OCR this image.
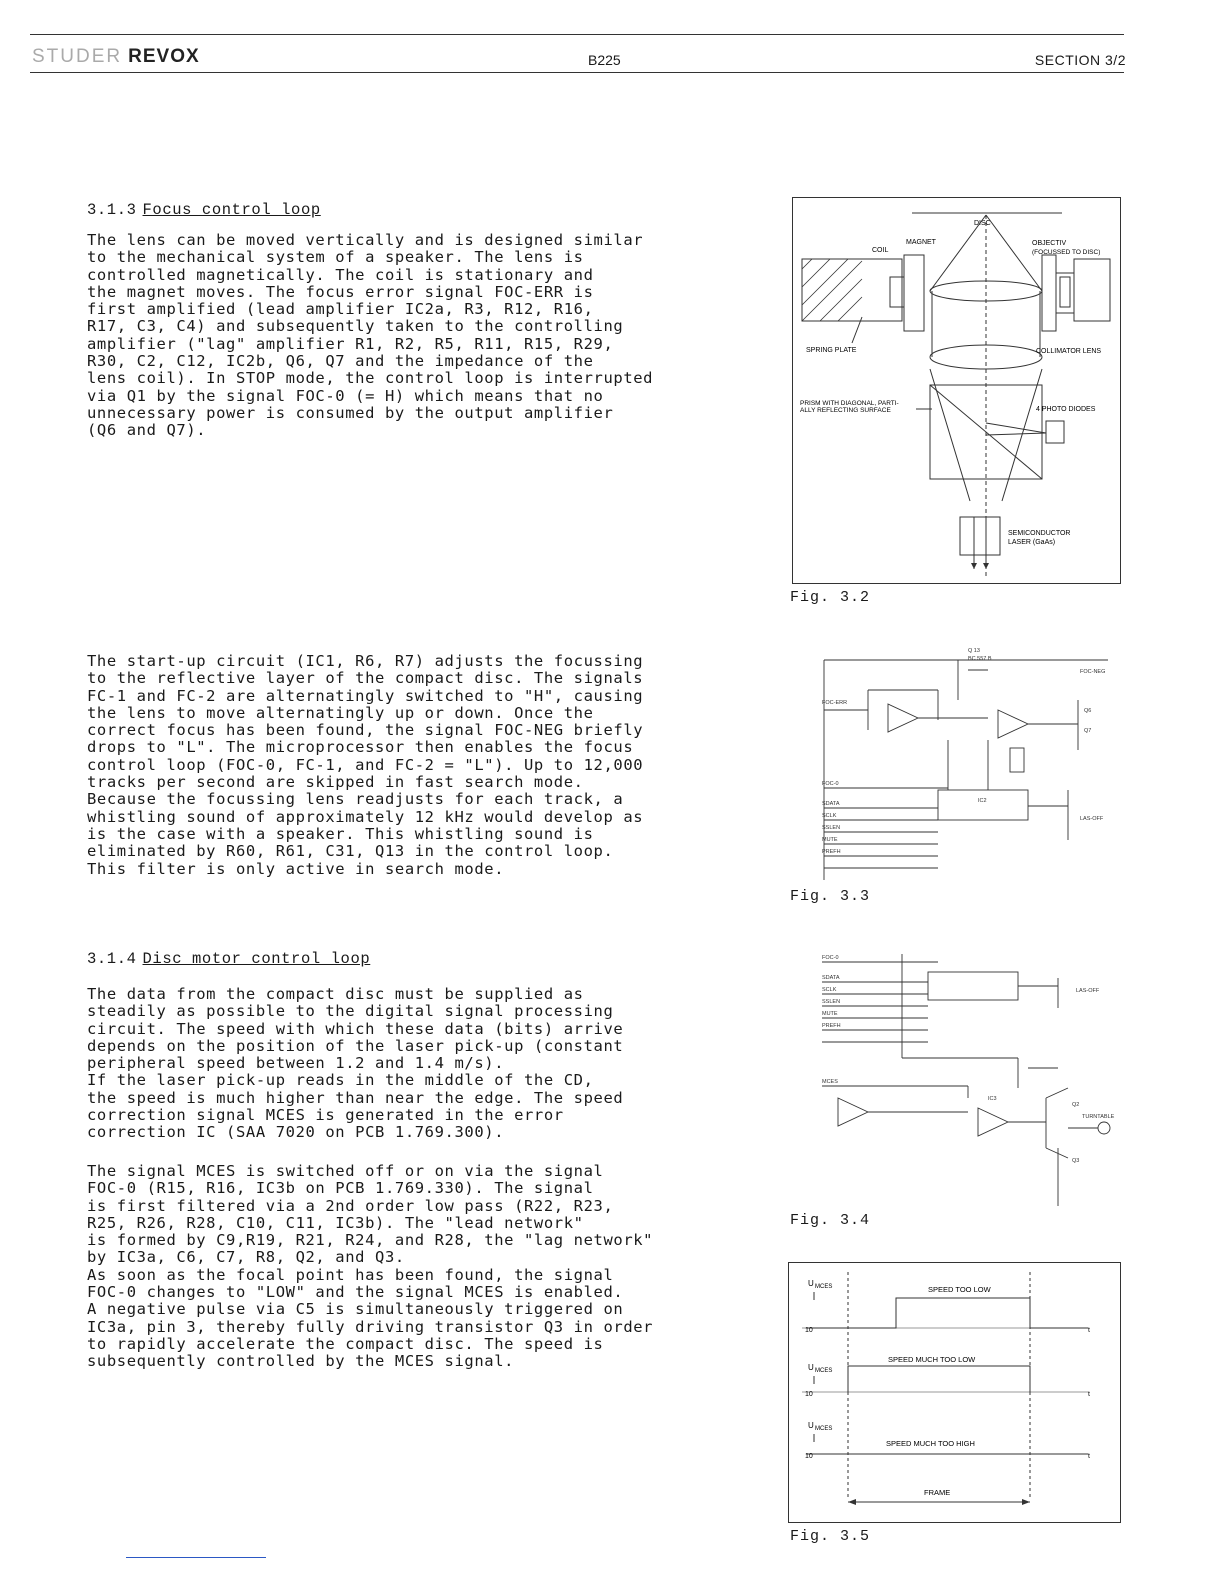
STUDER REVOX	B225	SECTION 3/2
3.1.3 Focus control loop
The lens can be moved vertically and is designed similar
to the mechanical system of a speaker. The lens is
controlled magnetically. The coil is stationary and
the magnet moves. The focus error signal FOC-ERR is
first amplified (lead amplifier IC2a, R3, R12, R16,
R17, C3, C4) and subsequently taken to the controlling
amplifier ("lag" amplifier R1, R2, R5, R11, R15, R29,
R30, C2, C12, IC2b, Q6, Q7 and the impedance of the
lens coil). In STOP mode, the control loop is interrupted
via Q1 by the signal FOC-0 (= H) which means that no
unnecessary power is consumed by the output amplifier
(Q6 and Q7).
The start-up circuit (IC1, R6, R7) adjusts the focussing
to the reflective layer of the compact disc. The signals
FC-1 and FC-2 are alternatingly switched to "H", causing
the lens to move alternatingly up or down. Once the
correct focus has been found, the signal FOC-NEG briefly
drops to "L". The microprocessor then enables the focus
control loop (FOC-0, FC-1, and FC-2 = "L"). Up to 12,000
tracks per second are skipped in fast search mode.
Because the focussing lens readjusts for each track, a
whistling sound of approximately 12 kHz would develop as
is the case with a speaker. This whistling sound is
eliminated by R60, R61, C31, Q13 in the control loop.
This filter is only active in search mode.
3.1.4 Disc motor control loop
The data from the compact disc must be supplied as
steadily as possible to the digital signal processing
circuit. The speed with which these data (bits) arrive
depends on the position of the laser pick-up (constant
peripheral speed between 1.2 and 1.4 m/s).
If the laser pick-up reads in the middle of the CD,
the speed is much higher than near the edge. The speed
correction signal MCES is generated in the error
correction IC (SAA 7020 on PCB 1.769.300).
The signal MCES is switched off or on via the signal
FOC-0 (R15, R16, IC3b on PCB 1.769.330). The signal
is first filtered via a 2nd order low pass (R22, R23,
R25, R26, R28, C10, C11, IC3b). The "lead network"
is formed by C9,R19, R21, R24, and R28, the "lag network"
by IC3a, C6, C7, R8, Q2, and Q3.
As soon as the focal point has been found, the signal
FOC-0 changes to "LOW" and the signal MCES is enabled.
A negative pulse via C5 is simultaneously triggered on
IC3a, pin 3, thereby fully driving transistor Q3 in order
to rapidly accelerate the compact disc. The speed is
subsequently controlled by the MCES signal.
DISC
MAGNET
COIL
OBJECTIV
(FOCUSSED TO DISC)
SPRING PLATE	COLLIMATOR LENS
PRISM WITH DIAGONAL, PARTI-
ALLY REFLECTING SURFACE	4 PHOTO DIODES
SEMICONDUCTOR
LASER (GaAs)
Fig. 3.2
FOC-ERR
FOC-0
SDATA
SCLK
SSLEN
MUTE
PREFH
FOC-NEG
LAS-OFF
Q 13
BC 557 B
Q6
Q7
IC2
Fig. 3.3
FOC-0
SDATA
SCLK
SSLEN
MUTE
PREFH
MCES
LAS-OFF
Q2
Q3
IC3
TURNTABLE
Fig. 3.4
U MCES
10	t
SPEED TOO LOW
U MCES
10	t
SPEED MUCH TOO LOW
U MCES
10	t
SPEED MUCH TOO HIGH
FRAME
Fig. 3.5
